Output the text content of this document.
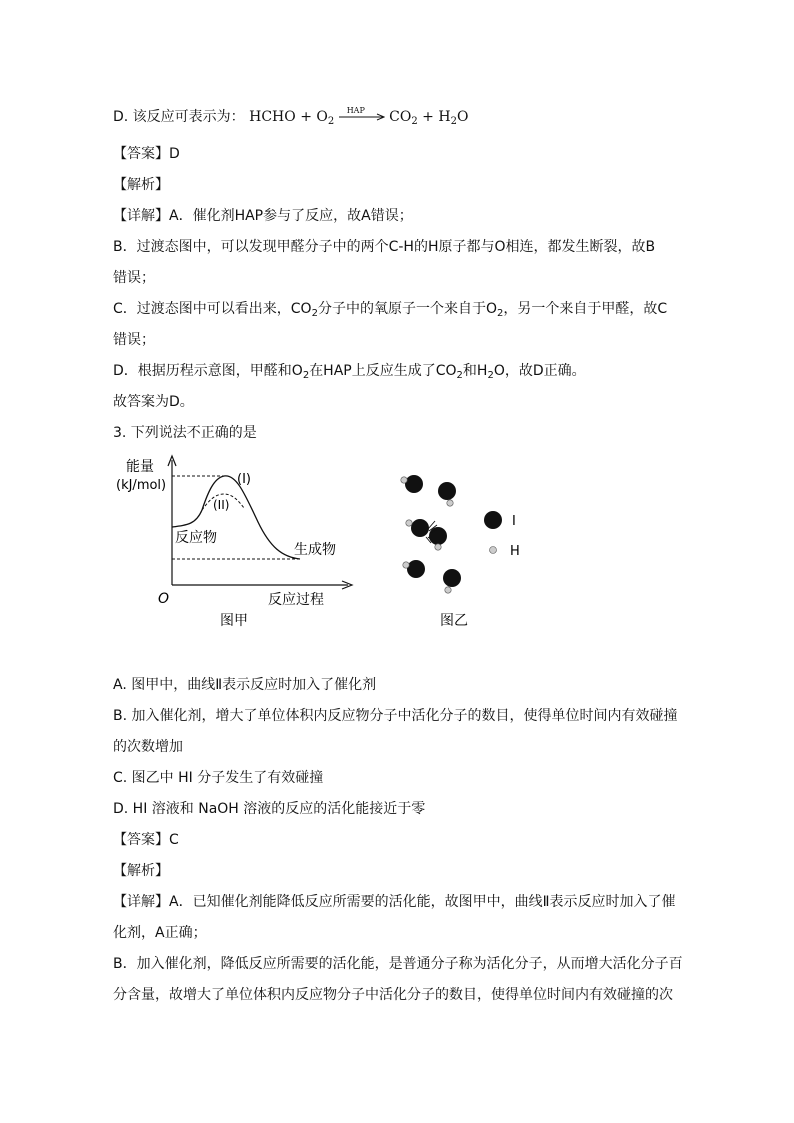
D. 该反应可表示为： HCHO + $O_2$
HAP $CO_2 + H_2O$
【答案】D
【解析】
【详解】A．催化剂HAP参与了反应，故A错误；
B．过渡态图中，可以发现甲醛分子中的两个C-H的H原子都与O相连，都发生断裂，故B
错误；
C．过渡态图中可以看出来，$CO_2$分子中的氧原子一个来自于$O_2$，另一个来自于甲醛，故C
错误；
D．根据历程示意图，甲醛和$O_2$在HAP上反应生成了$CO_2$和$H_2O$，故D正确。
故答案为D。
3. 下列说法不正确的是
能量
(kJ/mol)	(I)
(II)
反应物
生成物
O	反应过程
图甲
I
H
图乙
A. 图甲中，曲线Ⅱ表示反应时加入了催化剂
B. 加入催化剂，增大了单位体积内反应物分子中活化分子的数目，使得单位时间内有效碰撞
的次数增加
C. 图乙中 HI 分子发生了有效碰撞
D. HI 溶液和 NaOH 溶液的反应的活化能接近于零
【答案】C
【解析】
【详解】A．已知催化剂能降低反应所需要的活化能，故图甲中，曲线Ⅱ表示反应时加入了催
化剂，A正确；
B．加入催化剂，降低反应所需要的活化能，是普通分子称为活化分子，从而增大活化分子百
分含量，故增大了单位体积内反应物分子中活化分子的数目，使得单位时间内有效碰撞的次
